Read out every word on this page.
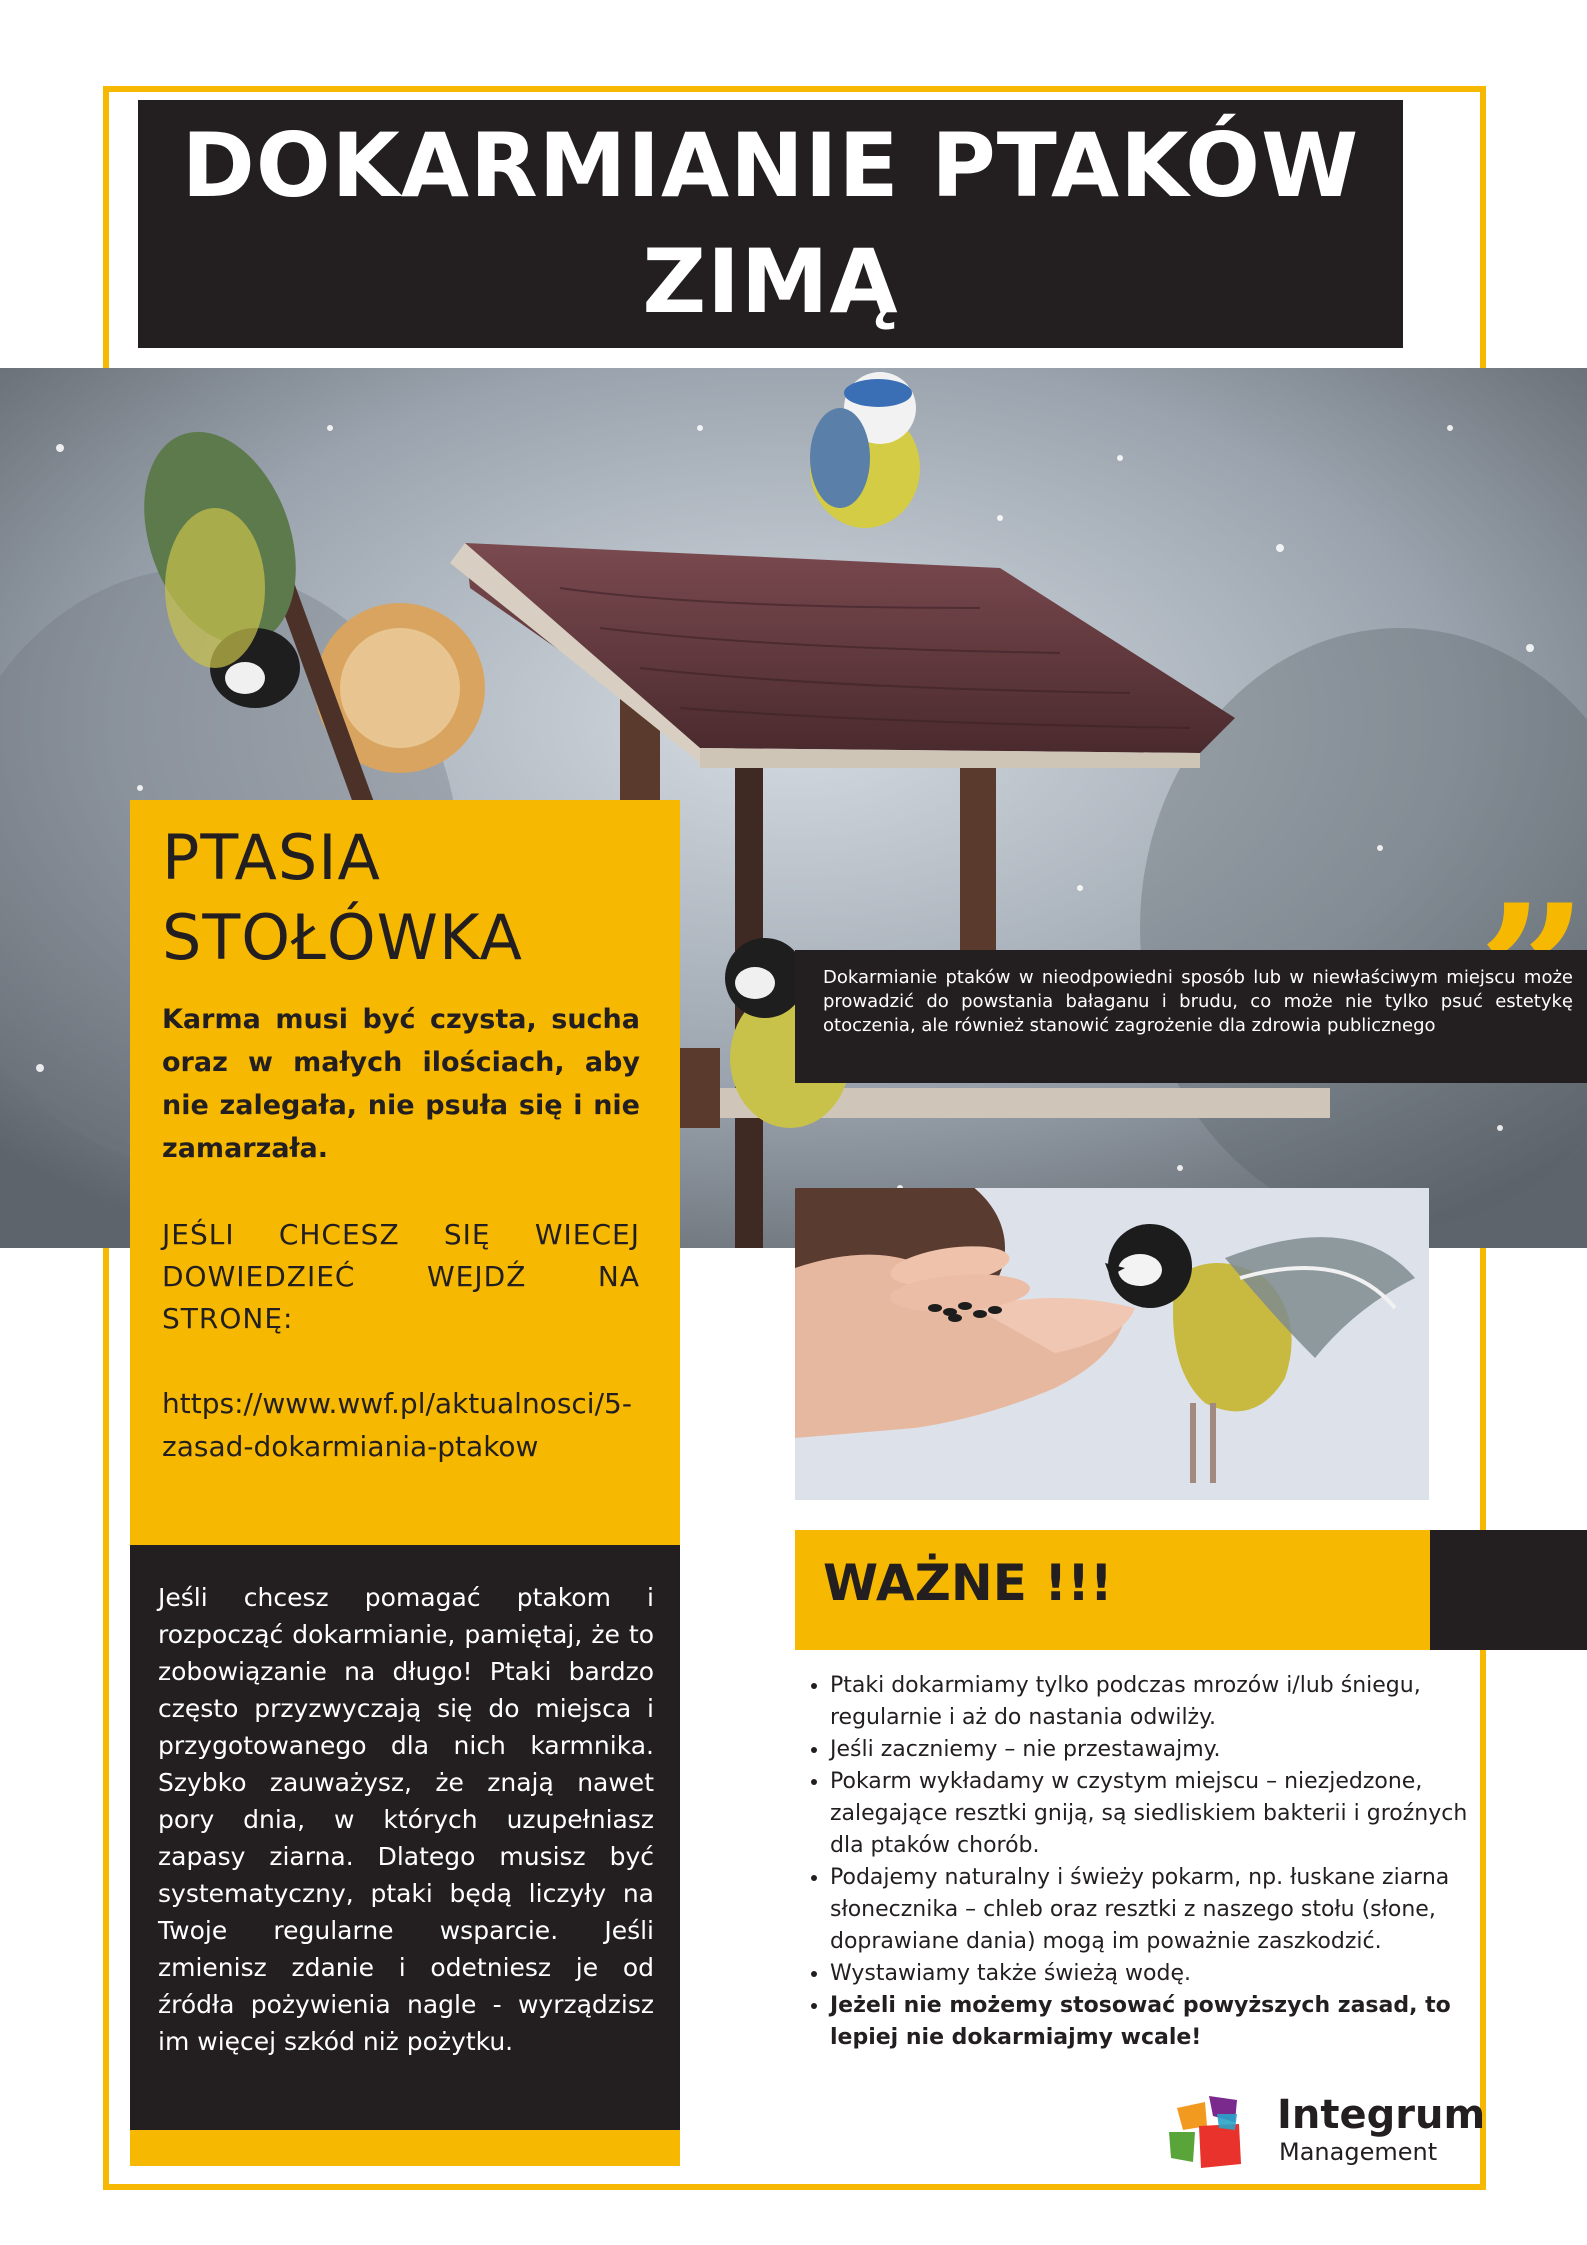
DOKARMIANIE PTAKÓW
ZIMĄ
PTASIA
STOŁÓWKA

Karma musi być czysta, sucha oraz w małych ilościach, aby nie zalegała, nie psuła się i nie zamarzała.

JEŚLI CHCESZ SIĘ WIECEJ DOWIEDZIEĆ WEJDŹ NA STRONĘ:

https://www.wwf.pl/aktualnosci/5-zasad-dokarmiania-ptakow

Jeśli chcesz pomagać ptakom i rozpocząć dokarmianie, pamiętaj, że to zobowiązanie na długo! Ptaki bardzo często przyzwyczają się do miejsca i przygotowanego dla nich karmnika. Szybko zauważysz, że znają nawet pory dnia, w których uzupełniasz zapasy ziarna. Dlatego musisz być systematyczny, ptaki będą liczyły na Twoje regularne wsparcie. Jeśli zmienisz zdanie i odetniesz je od źródła pożywienia nagle - wyrządzisz im więcej szkód niż pożytku.

Dokarmianie ptaków w nieodpowiedni sposób lub w niewłaściwym miejscu może prowadzić do powstania bałaganu i brudu, co może nie tylko psuć estetykę otoczenia, ale również stanowić zagrożenie dla zdrowia publicznego

WAŻNE !!!
• Ptaki dokarmiamy tylko podczas mrozów i/lub śniegu, regularnie i aż do nastania odwilży.
• Jeśli zaczniemy – nie przestawajmy.
• Pokarm wykładamy w czystym miejscu – niezjedzone, zalegające resztki gniją, są siedliskiem bakterii i groźnych dla ptaków chorób.
• Podajemy naturalny i świeży pokarm, np. łuskane ziarna słonecznika – chleb oraz resztki z naszego stołu (słone, doprawiane dania) mogą im poważnie zaszkodzić.
• Wystawiamy także świeżą wodę.
• Jeżeli nie możemy stosować powyższych zasad, to lepiej nie dokarmiajmy wcale!
Integrum
Management
